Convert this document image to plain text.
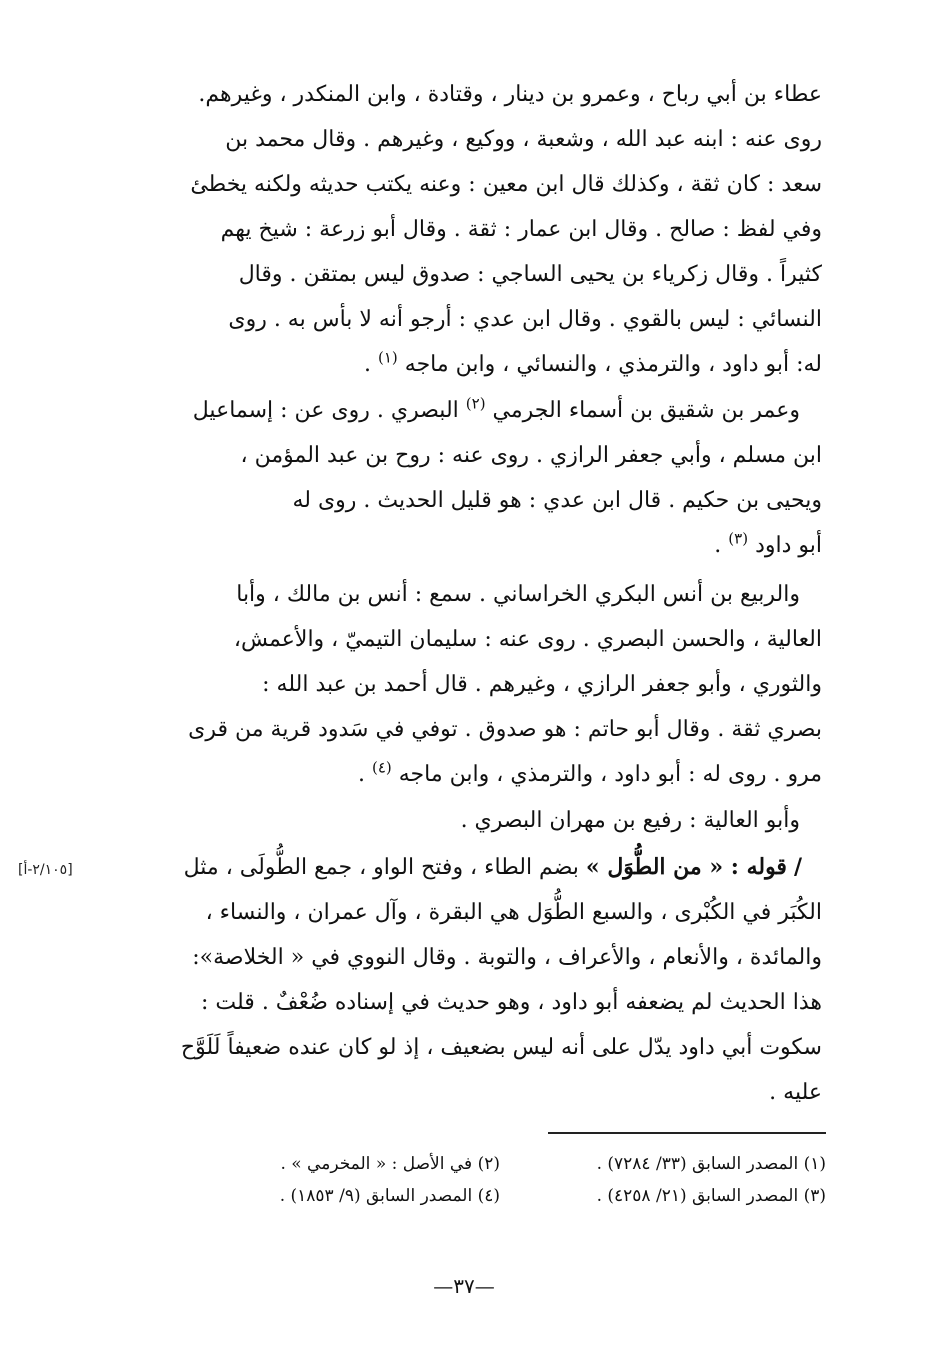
عطاء بن أبي رباح ، وعمرو بن دينار ، وقتادة ، وابن المنكدر ، وغيرهم.
روى عنه : ابنه عبد الله ، وشعبة ، ووكيع ، وغيرهم . وقال محمد بن
سعد : كان ثقة ، وكذلك قال ابن معين : وعنه يكتب حديثه ولكنه يخطئ
وفي لفظ : صالح . وقال ابن عمار : ثقة . وقال أبو زرعة : شيخ يهم
كثيراً . وقال زكرياء بن يحيى الساجي : صدوق ليس بمتقن . وقال
النسائي : ليس بالقوي . وقال ابن عدي : أرجو أنه لا بأس به . روى
له: أبو داود ، والترمذي ، والنسائي ، وابن ماجه $^{(١)}$ .
وعمر بن شقيق بن أسماء الجرمي $^{(٢)}$ البصري . روى عن : إسماعيل
ابن مسلم ، وأبي جعفر الرازي . روى عنه : روح بن عبد المؤمن ،
ويحيى بن حكيم . قال ابن عدي : هو قليل الحديث . روى له
أبو داود $^{(٣)}$ .
والربيع بن أنس البكري الخراساني . سمع : أنس بن مالك ، وأبا
العالية ، والحسن البصري . روى عنه : سليمان التيميّ ، والأعمش،
والثوري ، وأبو جعفر الرازي ، وغيرهم . قال أحمد بن عبد الله :
بصري ثقة . وقال أبو حاتم : هو صدوق . توفي في سَدود قرية من قرى
مرو . روى له : أبو داود ، والترمذي ، وابن ماجه $^{(٤)}$ .
وأبو العالية : رفيع بن مهران البصري .
/ قوله : « من الطُّوَل » بضم الطاء ، وفتح الواو ، جمع الطُّولَى ، مثل
الكُبَر في الكُبْرى ، والسبع الطُّوَل هي البقرة ، وآل عمران ، والنساء ،
والمائدة ، والأنعام ، والأعراف ، والتوبة . وقال النووي في « الخلاصة»:
هذا الحديث لم يضعفه أبو داود ، وهو حديث في إسناده ضُعْفٌ . قلت :
سكوت أبي داود يدّل على أنه ليس بضعيف ، إذ لو كان عنده ضعيفاً لَلَوَّح
عليه .
[٢/١٠٥-أ]
(١) المصدر السابق (٣٣/ ٧٢٨٤) .
(٢) في الأصل : « المخرمي » .
(٣) المصدر السابق (٢١/ ٤٢٥٨) .
(٤) المصدر السابق (٩/ ١٨٥٣) .
—٣٧—
